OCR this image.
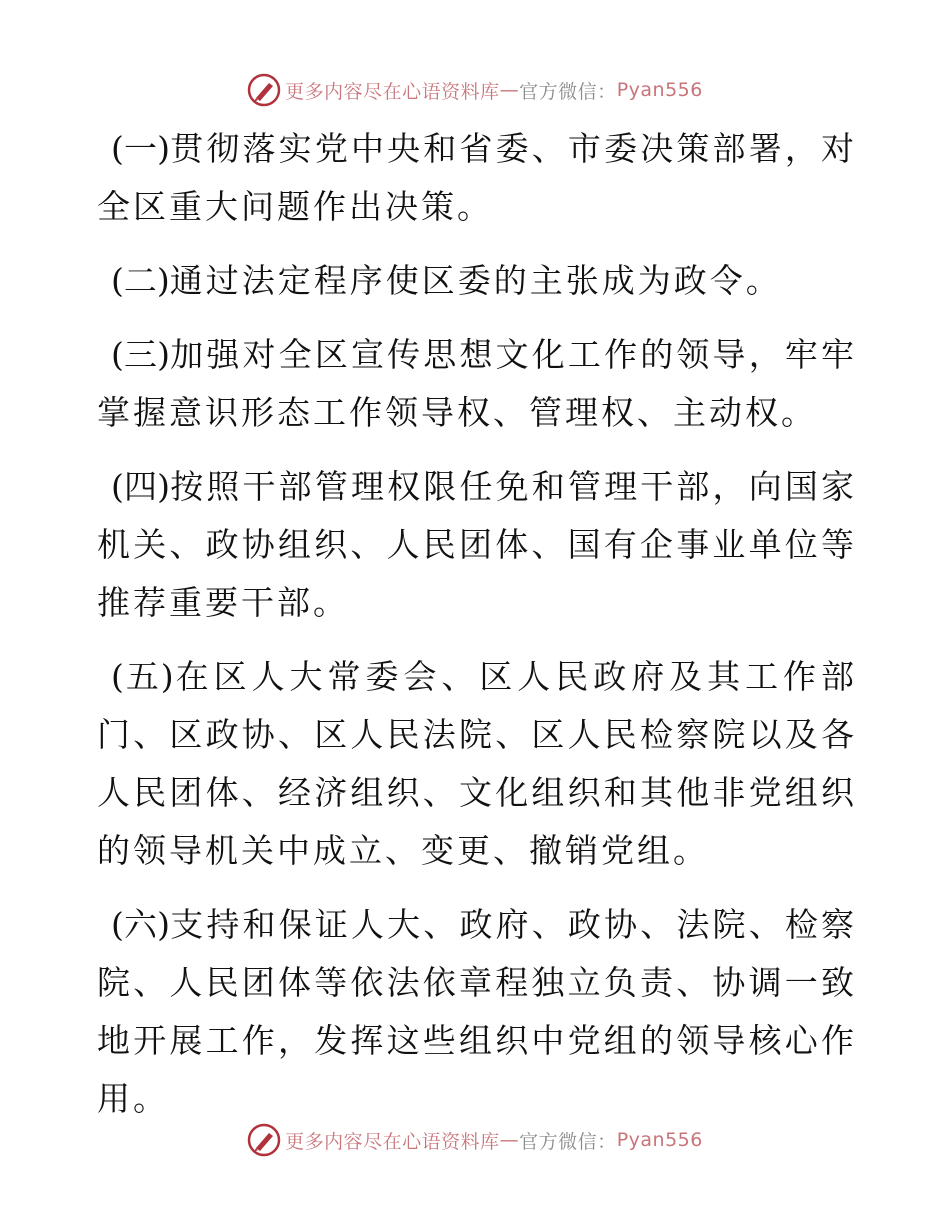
更多内容尽在心语资料库 — 官方微信： Pyan556

(一)贯彻落实党中央和省委、市委决策部署，对全区重大问题作出决策。

(二)通过法定程序使区委的主张成为政令。

(三)加强对全区宣传思想文化工作的领导，牢牢掌握意识形态工作领导权、管理权、主动权。

(四)按照干部管理权限任免和管理干部，向国家机关、政协组织、人民团体、国有企事业单位等推荐重要干部。

(五)在区人大常委会、区人民政府及其工作部门、区政协、区人民法院、区人民检察院以及各人民团体、经济组织、文化组织和其他非党组织的领导机关中成立、变更、撤销党组。

(六)支持和保证人大、政府、政协、法院、检察院、人民团体等依法依章程独立负责、协调一致地开展工作，发挥这些组织中党组的领导核心作用。

更多内容尽在心语资料库 — 官方微信： Pyan556
